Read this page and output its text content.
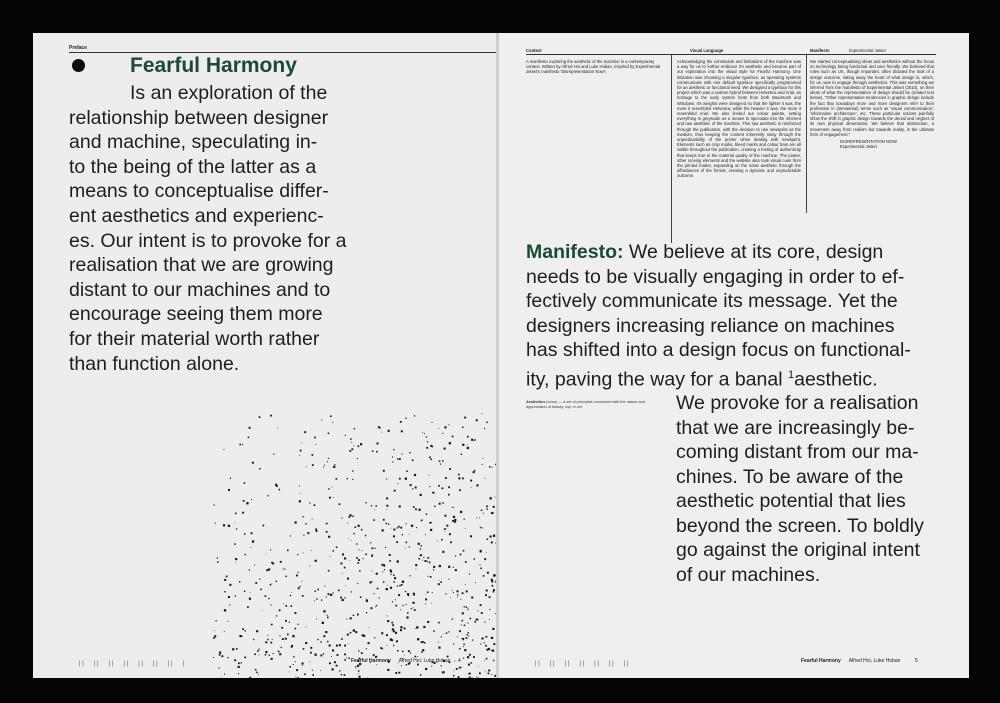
Preface
Fearful Harmony
Is an exploration of the
relationship between designer
and machine, speculating in-
to the being of the latter as a
means to conceptualise differ-
ent aesthetics and experienc-
es. Our intent is to provoke for a
realisation that we are growing
distant to our machines and to
encourage seeing them more
for their material worth rather
than function alone.
| |      | |      | |      | |      | |      | |      | |      |	Fearful Harmony Alfred Hoi, Luke Hoban 4
Context	Visual Language	Manifesto	Experimental Jetset
A manifesto exploring the aesthetic of the machine in a contemporary context. Written by Alfred Hoi and Luke Hoban, inspired by Experimental Jetset's manifesto 'Disrepresentation Now!'.
Acknowledging the constraints and limitations of the machine was a way for us to further embrace it's aesthetic and became part of our exploration into the visual style for Fearful Harmony. One limitation was choosing a singular typeface, as operating systems communicate with one default typeface specifically programmed for an aesthetic or functional need. We designed a typeface for this project which was a custom hybrid between Helvetica and Arial, an homage to the early system fonts from both Macintosh and Windows. It's weights were designed so that the lighter it was, the more it resembled Helvetica, while the heavier it was, the more it resembled Arial. We also limited our colour palette, setting everything in greyscale as a means to speculate into the inherent and raw aesthetic of the machine. This raw aesthetic is reinforced through the publication, with the decision to use newsprint as the medium, thus keeping the content inherently noisy through the unpredictability of the printer when dealing with newsprint. Elements such as crop marks, bleed marks and colour bars are all visible throughout the publication, creating a feeling of authenticity that keeps true to the material quality of the machine. The poster, other moving elements and the website also took visual cues from the printed matter, expanding on the noise aesthetic through the affordances of the format, creating a dynamic and unpredictable outcome.
We started conceptualising ideas and aesthetics without the focus on technology being functional and user friendly. We believed that roles such as UX, though important, often dictated the look of a design outcome, taking away the heart of what design is, which, for us, was to engage through aesthetics. This was something we inferred from the manifesto of Experimental Jetset (2010), on their ideas of what the representation of design should be (related text below). "Other representative tendencies in graphic design include the fact that nowadays more and more designers refer to their profession in (immaterial) terms such as 'visual communication', 'information architecture', etc. These particular notions painfully show the shift in graphic design towards the denial and neglect of its own physical dimensions. We believe that abstraction, a movement away from realism but towards reality, is the ultimate form of engagement."
DISREPRESENTATION NOW!
Experimental Jetset
Manifesto: We believe at its core, design
needs to be visually engaging in order to ef-
fectively communicate its message. Yet the
designers increasing reliance on machines
has shifted into a design focus on functional-
ity, paving the way for a banal $^1$aesthetic.
Aesthetics (noun) — a set of principles concerned with the nature and appreciation of beauty, esp. in art.	We provoke for a realisation
that we are increasingly be-
coming distant from our ma-
chines. To be aware of the
aesthetic potential that lies
beyond the screen. To boldly
go against the original intent
of our machines.
| |      | |      | |      | |      | |      | |      | |	Fearful Harmony Alfred Hoi, Luke Hoban	5
